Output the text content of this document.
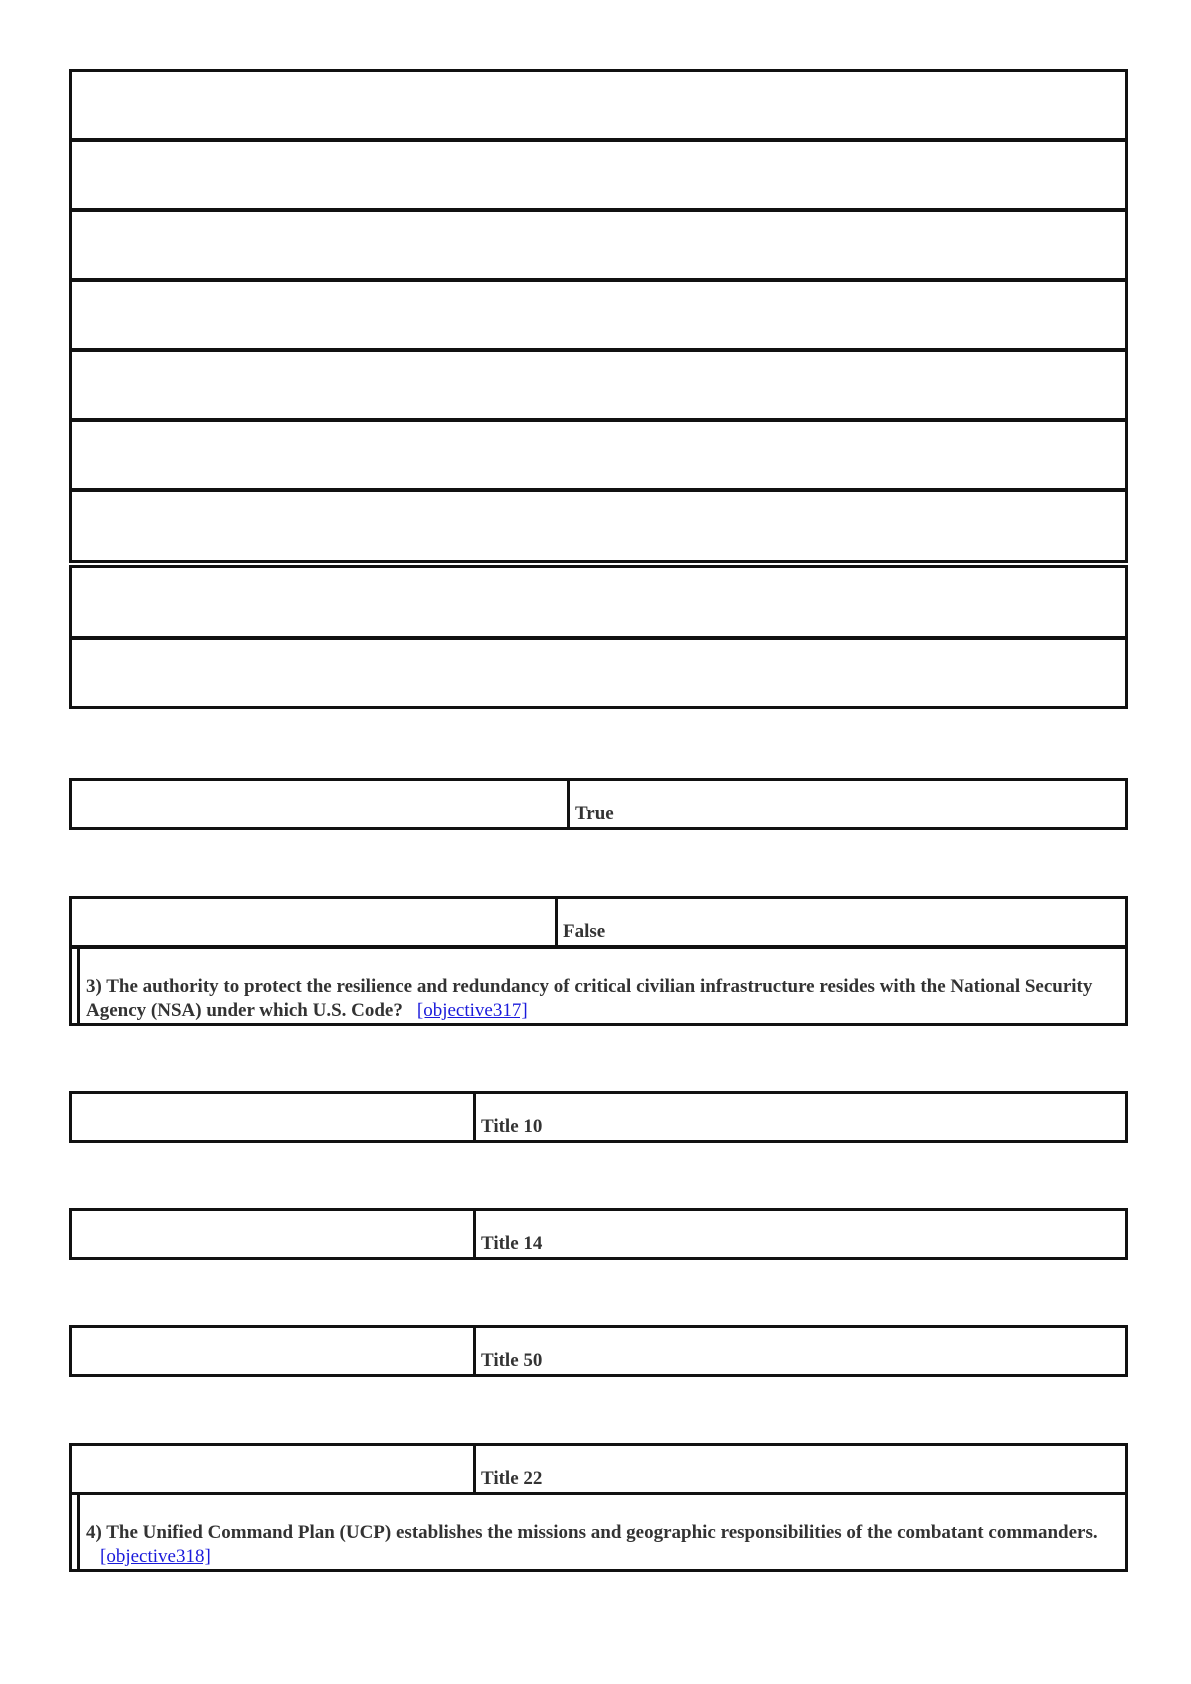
True
False
3) The authority to protect the resilience and redundancy of critical civilian infrastructure resides with the National Security Agency (NSA) under which U.S. Code? [objective317]
Title 10
Title 14
Title 50
Title 22
4) The Unified Command Plan (UCP) establishes the missions and geographic responsibilities of the combatant commanders.[objective318]
